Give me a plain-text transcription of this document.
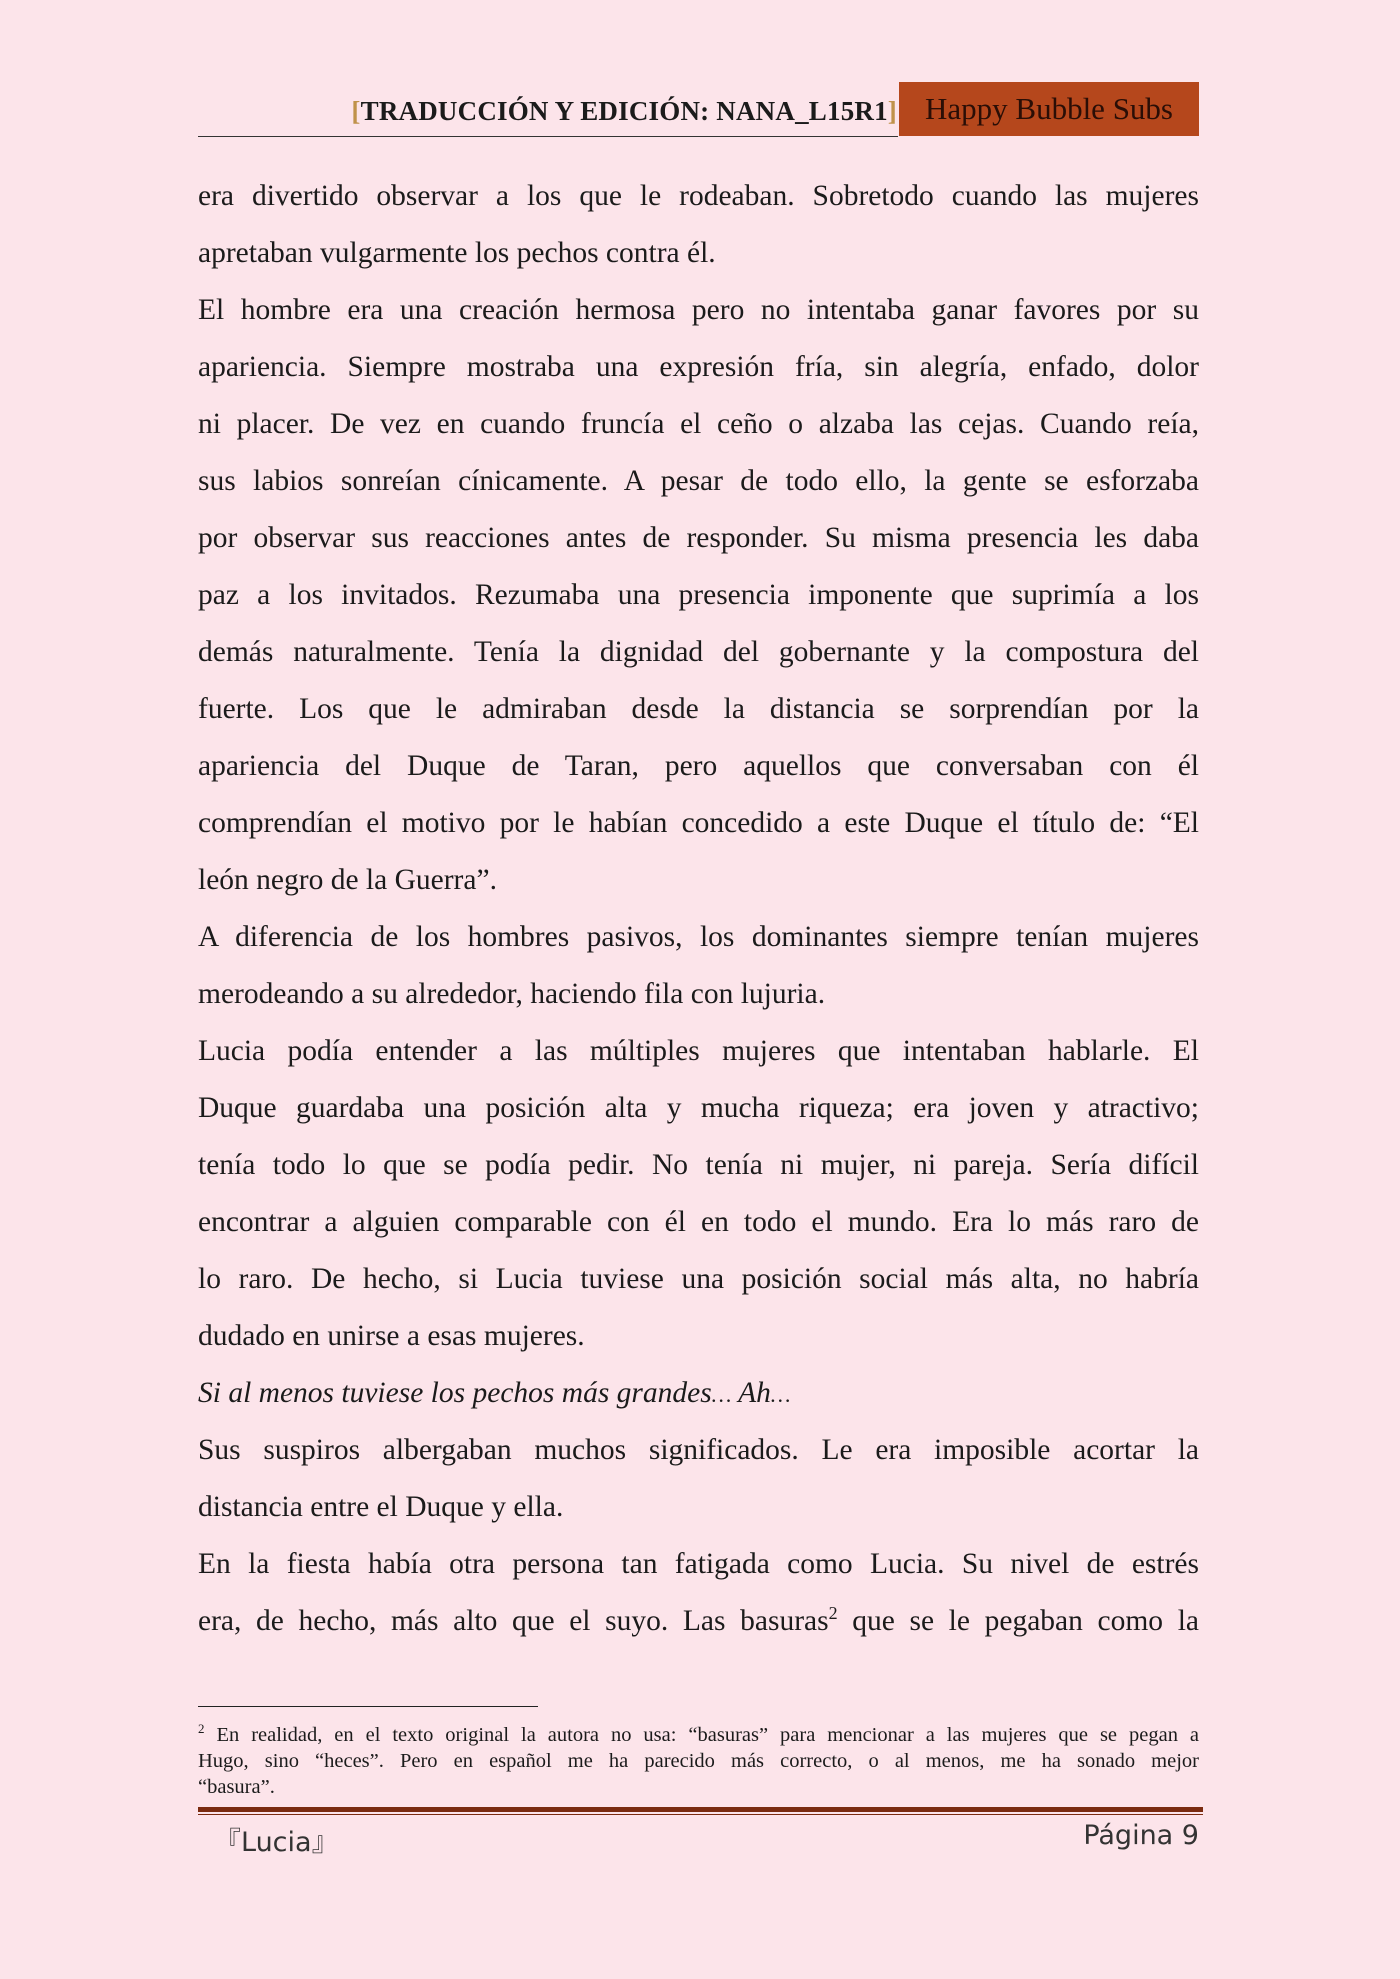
[TRADUCCIÓN Y EDICIÓN: NANA_L15R1] Happy Bubble Subs
era divertido observar a los que le rodeaban. Sobretodo cuando las mujeres
apretaban vulgarmente los pechos contra él.
El hombre era una creación hermosa pero no intentaba ganar favores por su
apariencia. Siempre mostraba una expresión fría, sin alegría, enfado, dolor
ni placer. De vez en cuando fruncía el ceño o alzaba las cejas. Cuando reía,
sus labios sonreían cínicamente. A pesar de todo ello, la gente se esforzaba
por observar sus reacciones antes de responder. Su misma presencia les daba
paz a los invitados. Rezumaba una presencia imponente que suprimía a los
demás naturalmente. Tenía la dignidad del gobernante y la compostura del
fuerte. Los que le admiraban desde la distancia se sorprendían por la
apariencia del Duque de Taran, pero aquellos que conversaban con él
comprendían el motivo por le habían concedido a este Duque el título de: “El
león negro de la Guerra”.
A diferencia de los hombres pasivos, los dominantes siempre tenían mujeres
merodeando a su alrededor, haciendo fila con lujuria.
Lucia podía entender a las múltiples mujeres que intentaban hablarle. El
Duque guardaba una posición alta y mucha riqueza; era joven y atractivo;
tenía todo lo que se podía pedir. No tenía ni mujer, ni pareja. Sería difícil
encontrar a alguien comparable con él en todo el mundo. Era lo más raro de
lo raro. De hecho, si Lucia tuviese una posición social más alta, no habría
dudado en unirse a esas mujeres.
Si al menos tuviese los pechos más grandes… Ah…
Sus suspiros albergaban muchos significados. Le era imposible acortar la
distancia entre el Duque y ella.
En la fiesta había otra persona tan fatigada como Lucia. Su nivel de estrés
era, de hecho, más alto que el suyo. Las basuras$^2$ que se le pegaban como la
$^2$ En realidad, en el texto original la autora no usa: “basuras” para mencionar a las mujeres que se pegan a
Hugo, sino “heces”. Pero en español me ha parecido más correcto, o al menos, me ha sonado mejor
“basura”.
『Lucia』	Página 9
